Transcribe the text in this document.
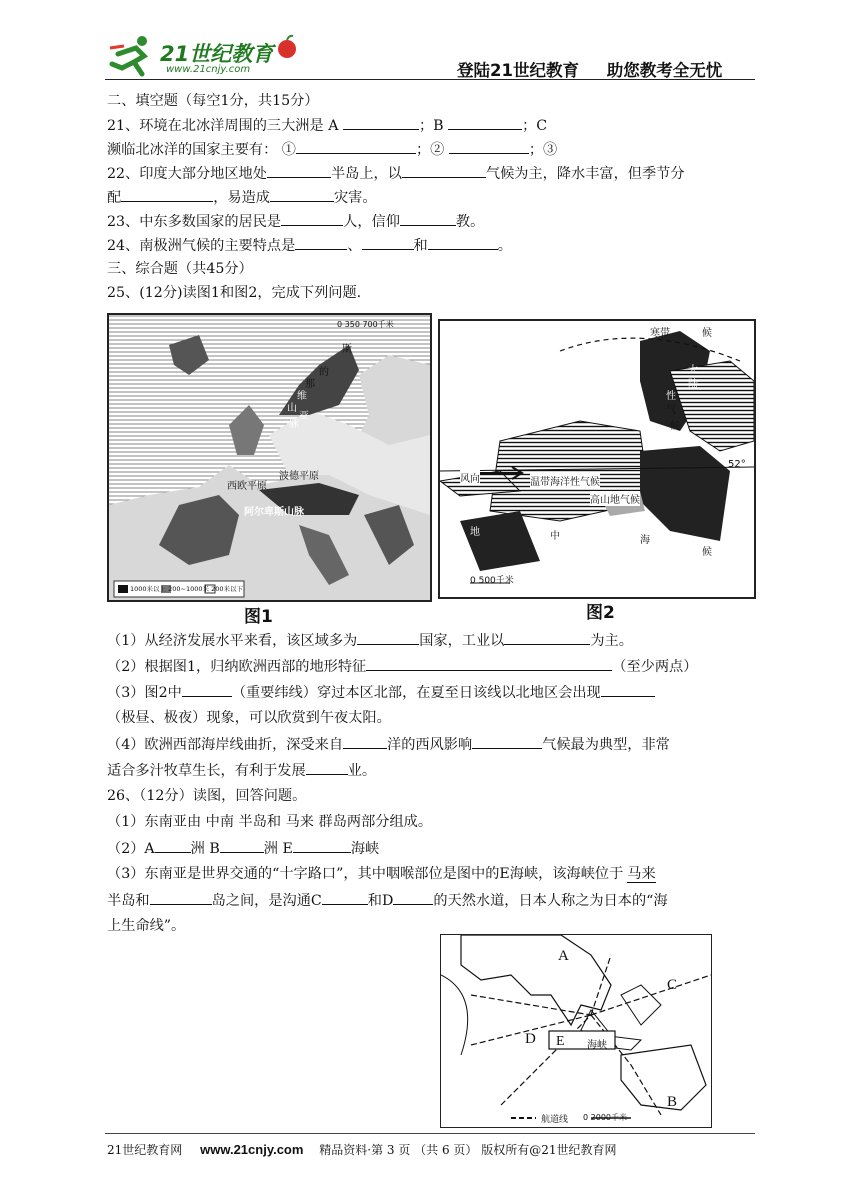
21世纪教育
www.21cnjy.com	登陆21世纪教育 助您教考全无忧
二、填空题（每空1分，共15分）
21、环境在北冰洋周围的三大洲是 A	；B	；C
濒临北冰洋的国家主要有： ①	；②	；③
22、印度大部分地区地处	半岛上，以	气候为主，降水丰富，但季节分
配	，易造成	灾害。
23、中东多数国家的居民是	人，信仰	教。
24、南极洲气候的主要特点是	、	和	。
三、综合题（共45分）
25、(12分)读图1和图2，完成下列问题.
0 350 700千米
斯
的
那
维
山
亚
脉
波德平原
西欧平原
阿尔卑斯山脉
1000米以上 200~1000米 200米以下
图1
寒带	候
大
陆
性
气
候
风向	温带海洋性气候
高山地气候
52°
地	中	海
候
0 500千米
图2
（1）从经济发展水平来看，该区域多为	国家，工业以	为主。
（2）根据图1，归纳欧洲西部的地形特征	（至少两点）
（3）图2中	（重要纬线）穿过本区北部，在夏至日该线以北地区会出现
（极昼、极夜）现象，可以欣赏到午夜太阳。
（4）欧洲西部海岸线曲折，深受来自	洋的西风影响	气候最为典型，非常
适合多汁牧草生长，有利于发展	业。
26、（12分）读图，回答问题。
（1）东南亚由 中南 半岛和 马来 群岛两部分组成。
（2）A	洲 B	洲 E	海峡
（3）东南亚是世界交通的“十字路口”，其中咽喉部位是图中的E海峡，该海峡位于 马来
半岛和	岛之间，是沟通C	和D	的天然水道，日本人称之为日本的“海
上生命线”。
A
C
D
B
E 海峡
航道线 0 2000千米
21世纪教育网 www.21cnjy.com 精品资料·第 3 页 （共 6 页） 版权所有@21世纪教育网
